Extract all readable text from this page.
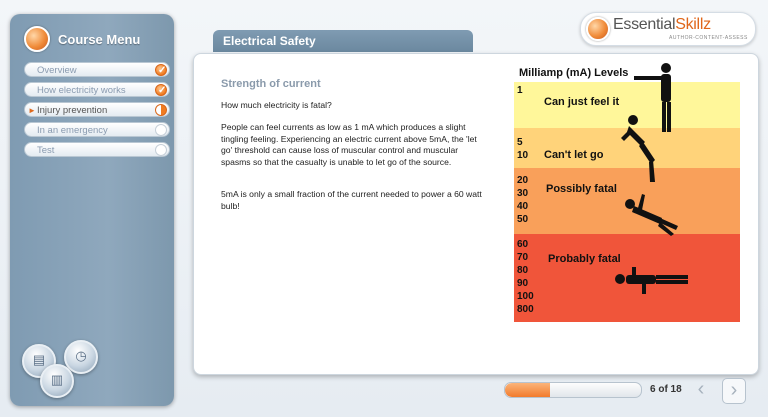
Course Menu
Overview
✓
How electricity works
✓
► Injury prevention
In an emergency
Test
▤	◷
▥
Electrical Safety
EssentialSkillz
AUTHOR-CONTENT-ASSESS
Strength of current
How much electricity is fatal?
People can feel currents as low as 1 mA which produces a slight tingling feeling. Experiencing an electric current above 5mA, the 'let go' threshold can cause loss of muscular control and muscular spasms so that the casualty is unable to let go of the source.
5mA is only a small fraction of the current needed to power a 60 watt bulb!
Milliamp (mA) Levels
1
5
10
20
30
40
50
60
70
80
90
100
800
Can just feel it
Can't let go
Possibly fatal
Probably fatal
6 of 18 ‹	›
